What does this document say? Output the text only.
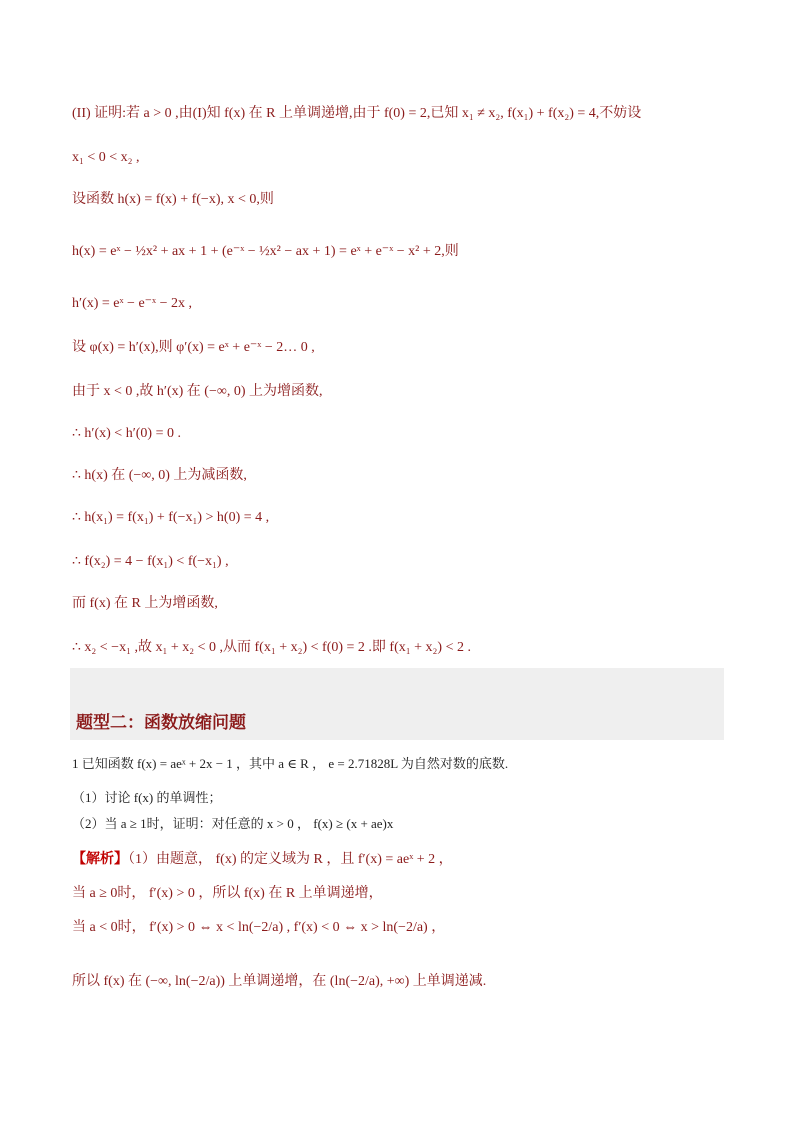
(II) 证明:若 a > 0 ,由(I)知 f(x) 在 R 上单调递增,由于 f(0) = 2,已知 x₁ ≠ x₂, f(x₁) + f(x₂) = 4,不妨设
x₁ < 0 < x₂ ,
设函数 h(x) = f(x) + f(−x), x < 0,则
h(x) = eˣ − ½x² + ax + 1 + (e⁻ˣ − ½x² − ax + 1) = eˣ + e⁻ˣ − x² + 2,则
h′(x) = eˣ − e⁻ˣ − 2x ,
设 φ(x) = h′(x),则 φ′(x) = eˣ + e⁻ˣ − 2… 0 ,
由于 x < 0 ,故 h′(x) 在 (−∞, 0) 上为增函数,
∴ h′(x) < h′(0) = 0 .
∴ h(x) 在 (−∞, 0) 上为减函数,
∴ h(x₁) = f(x₁) + f(−x₁) > h(0) = 4 ,
∴ f(x₂) = 4 − f(x₁) < f(−x₁) ,
而 f(x) 在 R 上为增函数,
∴ x₂ < −x₁ ,故 x₁ + x₂ < 0 ,从而 f(x₁ + x₂) < f(0) = 2 .即 f(x₁ + x₂) < 2 .
题型二：函数放缩问题
1 已知函数 f(x) = aeˣ + 2x − 1 ，其中 a ∈ R ， e = 2.71828L 为自然对数的底数.
（1）讨论 f(x) 的单调性；
（2）当 a ≥ 1时，证明：对任意的 x > 0 ， f(x) ≥ (x + ae)x
【解析】（1）由题意， f(x) 的定义域为 R ，且 f′(x) = aeˣ + 2 ，
当 a ≥ 0时， f′(x) > 0 ，所以 f(x) 在 R 上单调递增，
当 a < 0时， f′(x) > 0 ⇔ x < ln(−2/a) , f′(x) < 0 ⇔ x > ln(−2/a) ，
所以 f(x) 在 (−∞, ln(−2/a)) 上单调递增，在 (ln(−2/a), +∞) 上单调递减.
